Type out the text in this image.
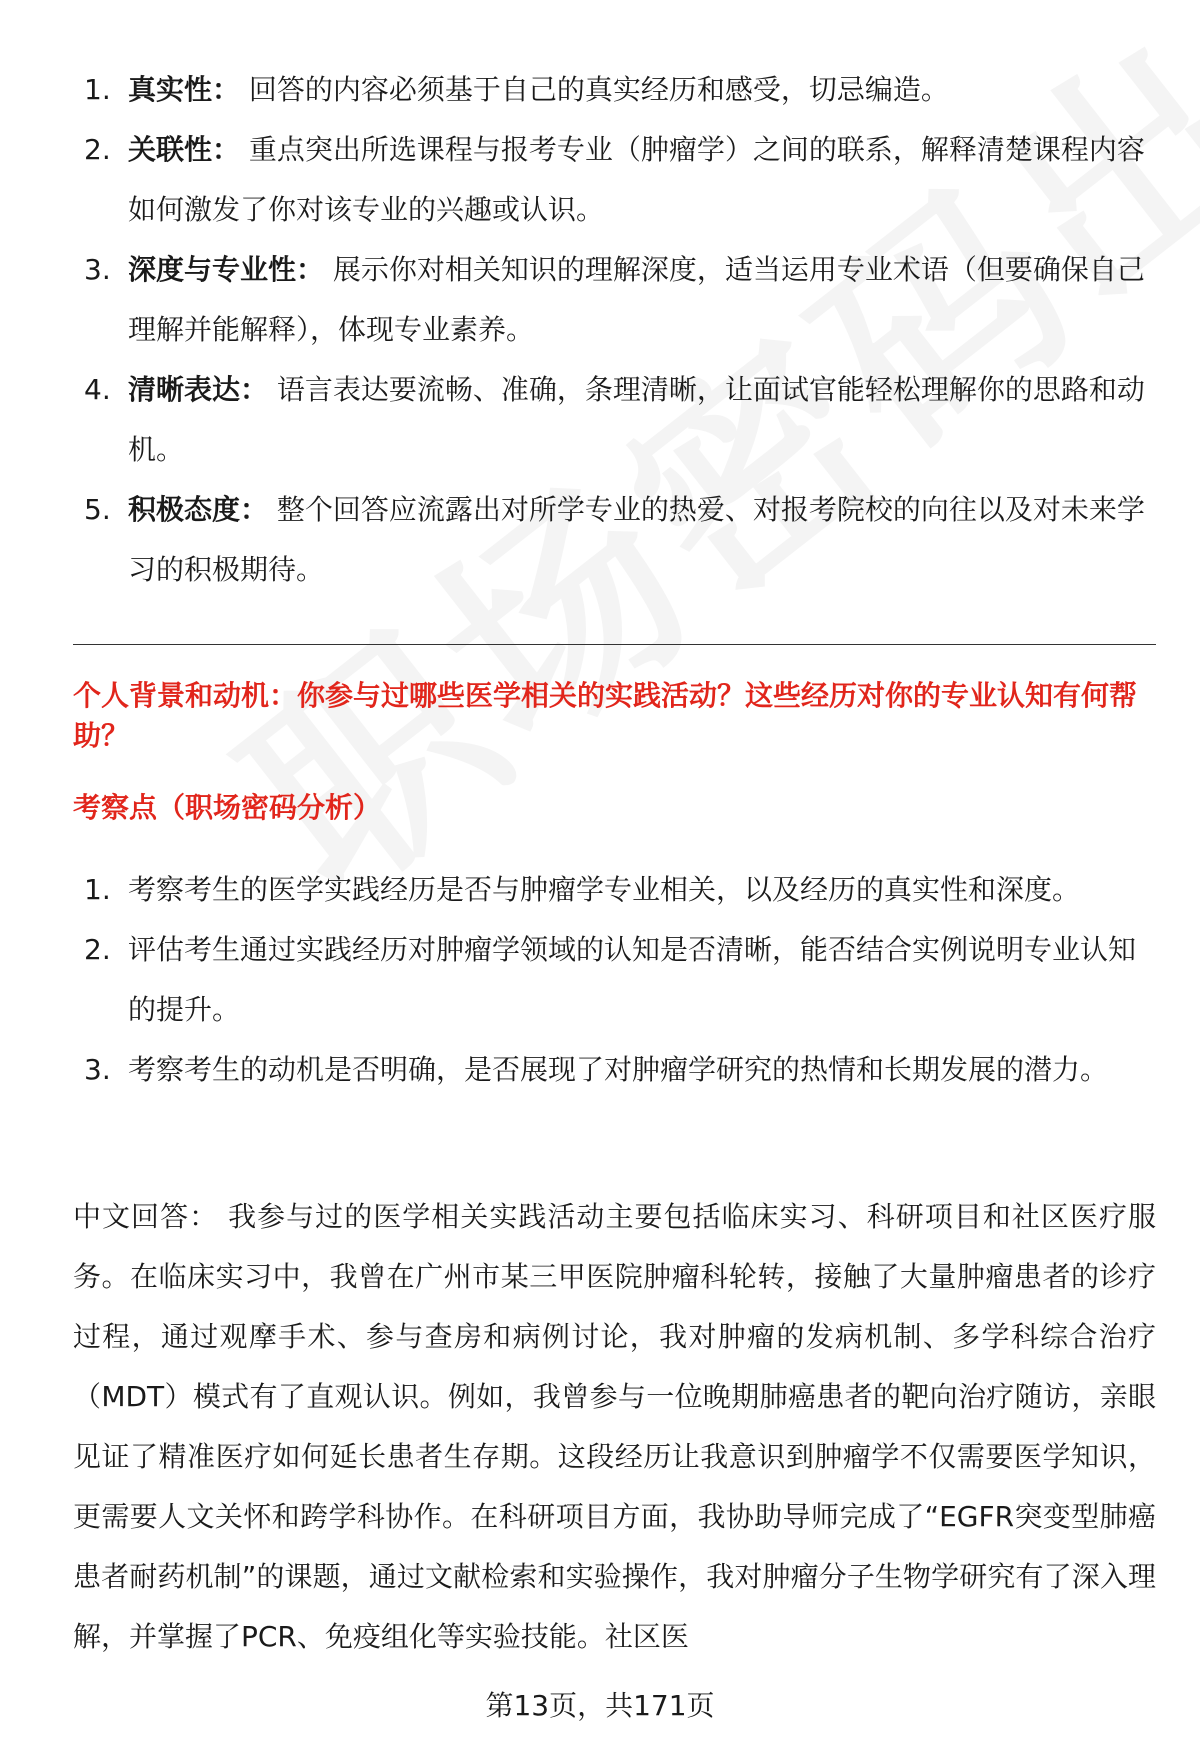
1. 真实性： 回答的内容必须基于自己的真实经历和感受，切忌编造。
2. 关联性： 重点突出所选课程与报考专业（肿瘤学）之间的联系，解释清楚课程内容如何激发了你对该专业的兴趣或认识。
3. 深度与专业性： 展示你对相关知识的理解深度，适当运用专业术语（但要确保自己理解并能解释），体现专业素养。
4. 清晰表达： 语言表达要流畅、准确，条理清晰，让面试官能轻松理解你的思路和动机。
5. 积极态度： 整个回答应流露出对所学专业的热爱、对报考院校的向往以及对未来学习的积极期待。

个人背景和动机：你参与过哪些医学相关的实践活动？这些经历对你的专业认知有何帮助？

考察点（职场密码分析）

1. 考察考生的医学实践经历是否与肿瘤学专业相关，以及经历的真实性和深度。
2. 评估考生通过实践经历对肿瘤学领域的认知是否清晰，能否结合实例说明专业认知的提升。
3. 考察考生的动机是否明确，是否展现了对肿瘤学研究的热情和长期发展的潜力。

中文回答： 我参与过的医学相关实践活动主要包括临床实习、科研项目和社区医疗服务。在临床实习中，我曾在广州市某三甲医院肿瘤科轮转，接触了大量肿瘤患者的诊疗过程，通过观摩手术、参与查房和病例讨论，我对肿瘤的发病机制、多学科综合治疗（MDT）模式有了直观认识。例如，我曾参与一位晚期肺癌患者的靶向治疗随访，亲眼见证了精准医疗如何延长患者生存期。这段经历让我意识到肿瘤学不仅需要医学知识，更需要人文关怀和跨学科协作。在科研项目方面，我协助导师完成了“EGFR突变型肺癌患者耐药机制”的课题，通过文献检索和实验操作，我对肿瘤分子生物学研究有了深入理解，并掌握了PCR、免疫组化等实验技能。社区医

第13页，共171页
